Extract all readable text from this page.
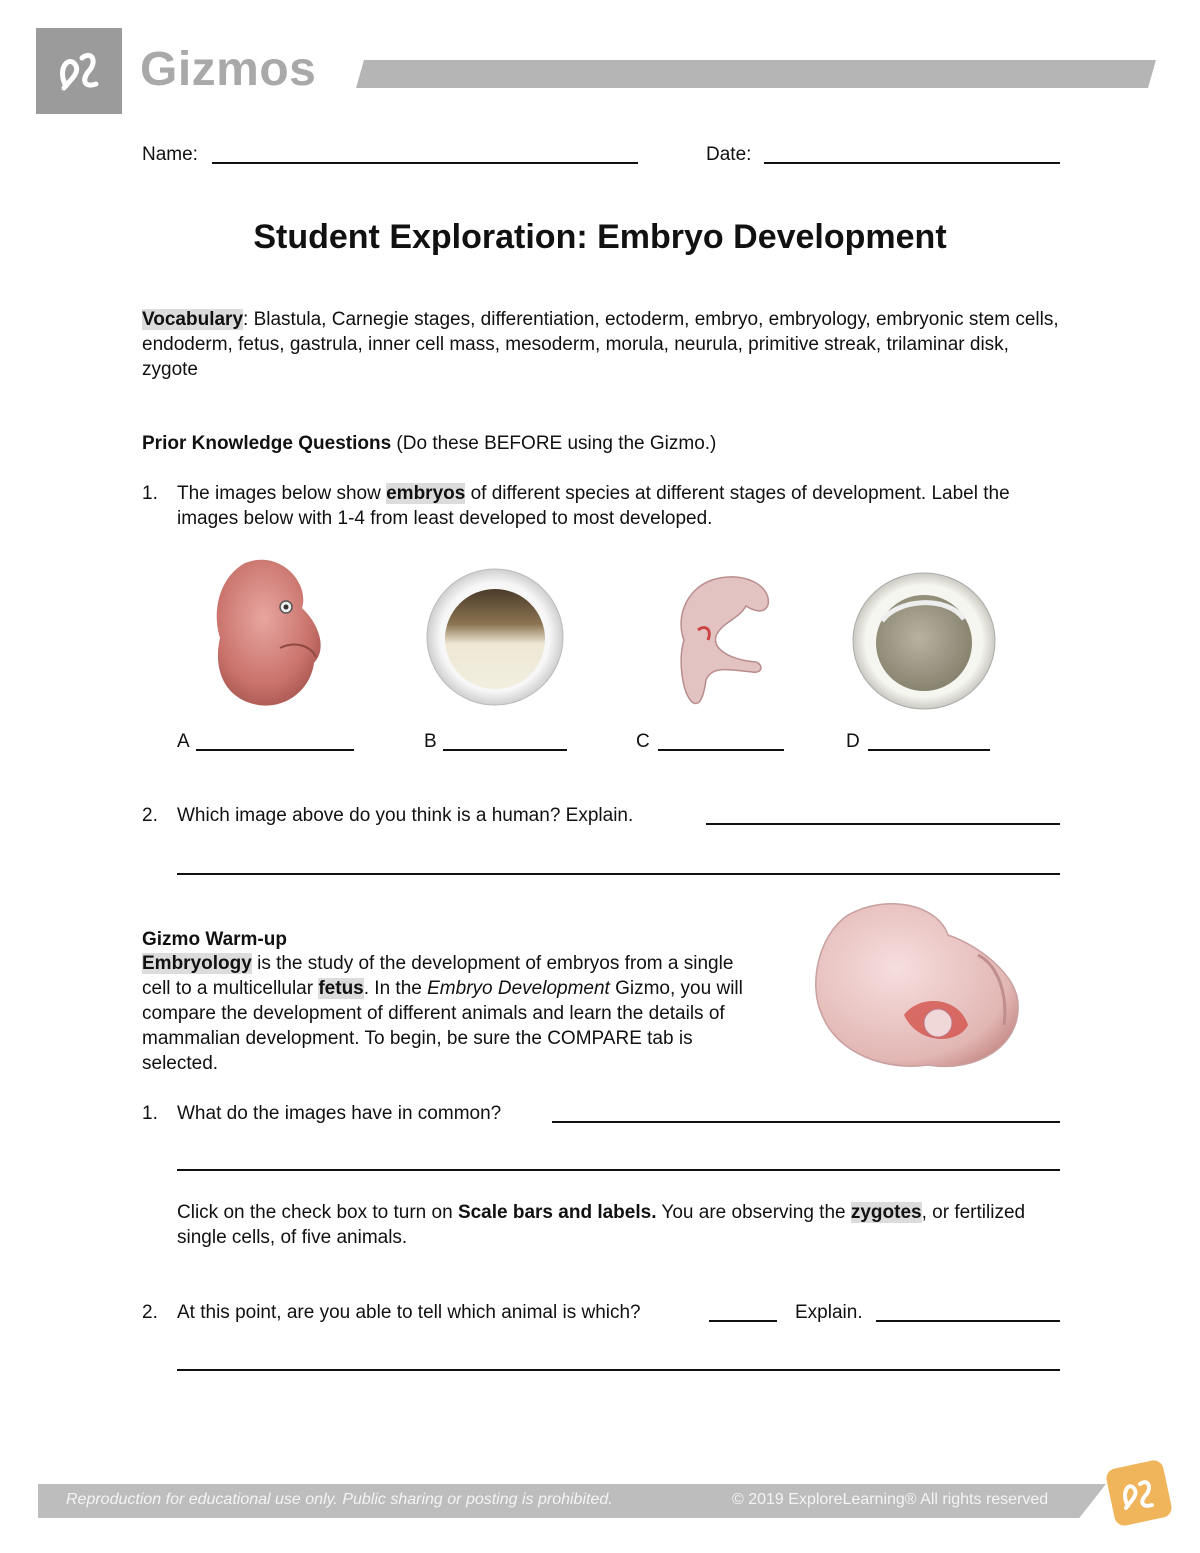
Gizmos
Name:	Date:
Student Exploration: Embryo Development
Vocabulary: Blastula, Carnegie stages, differentiation, ectoderm, embryo, embryology, embryonic stem cells, endoderm, fetus, gastrula, inner cell mass, mesoderm, morula, neurula, primitive streak, trilaminar disk, zygote
Prior Knowledge Questions (Do these BEFORE using the Gizmo.)
1. The images below show embryos of different species at different stages of development. Label the images below with 1-4 from least developed to most developed.
A	B	C	D
2. Which image above do you think is a human? Explain.
Gizmo Warm-up
Embryology is the study of the development of embryos from a single cell to a multicellular fetus. In the Embryo Development Gizmo, you will compare the development of different animals and learn the details of mammalian development. To begin, be sure the COMPARE tab is selected.
1. What do the images have in common?
Click on the check box to turn on Scale bars and labels. You are observing the zygotes, or fertilized single cells, of five animals.
2. At this point, are you able to tell which animal is which?	Explain.
Reproduction for educational use only. Public sharing or posting is prohibited.	© 2019 ExploreLearning® All rights reserved
